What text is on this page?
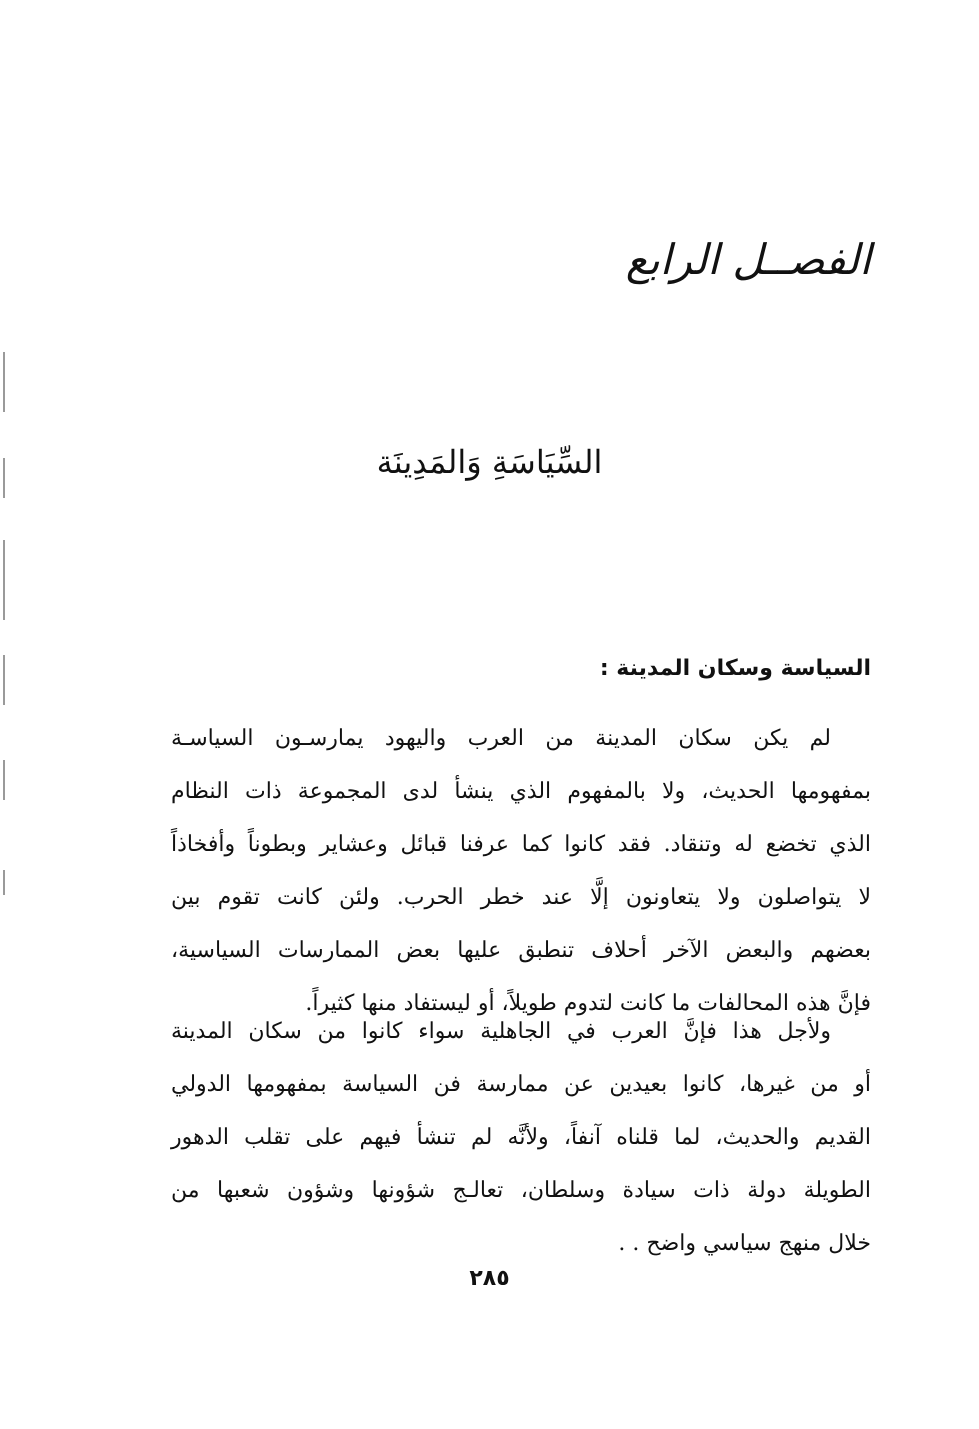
الفصــل الرابع
السِّيَاسَةِ وَالمَدِينَة
السياسة وسكان المدينة :
لم يكن سكان المدينة من العرب واليهود يمارسـون السياسـة
بمفهومها الحديث، ولا بالمفهوم الذي ينشأ لدى المجموعة ذات النظام
الذي تخضع له وتنقاد. فقد كانوا كما عرفنا قبائل وعشاير وبطوناً وأفخاذاً
لا يتواصلون ولا يتعاونون إلَّا عند خطر الحرب. ولئن كانت تقوم بين
بعضهم والبعض الآخر أحلاف تنطبق عليها بعض الممارسات السياسية،
فإنَّ هذه المحالفات ما كانت لتدوم طويلاً، أو ليستفاد منها كثيراً.
ولأجل هذا فإنَّ العرب في الجاهلية سواء كانوا من سكان المدينة
أو من غيرها، كانوا بعيدين عن ممارسة فن السياسة بمفهومها الدولي
القديم والحديث، لما قلناه آنفاً، ولأنَّه لم تنشأ فيهم على تقلب الدهور
الطويلة دولة ذات سيادة وسلطان، تعالـج شؤونها وشؤون شعبها من
خلال منهج سياسي واضح . .
٢٨٥
